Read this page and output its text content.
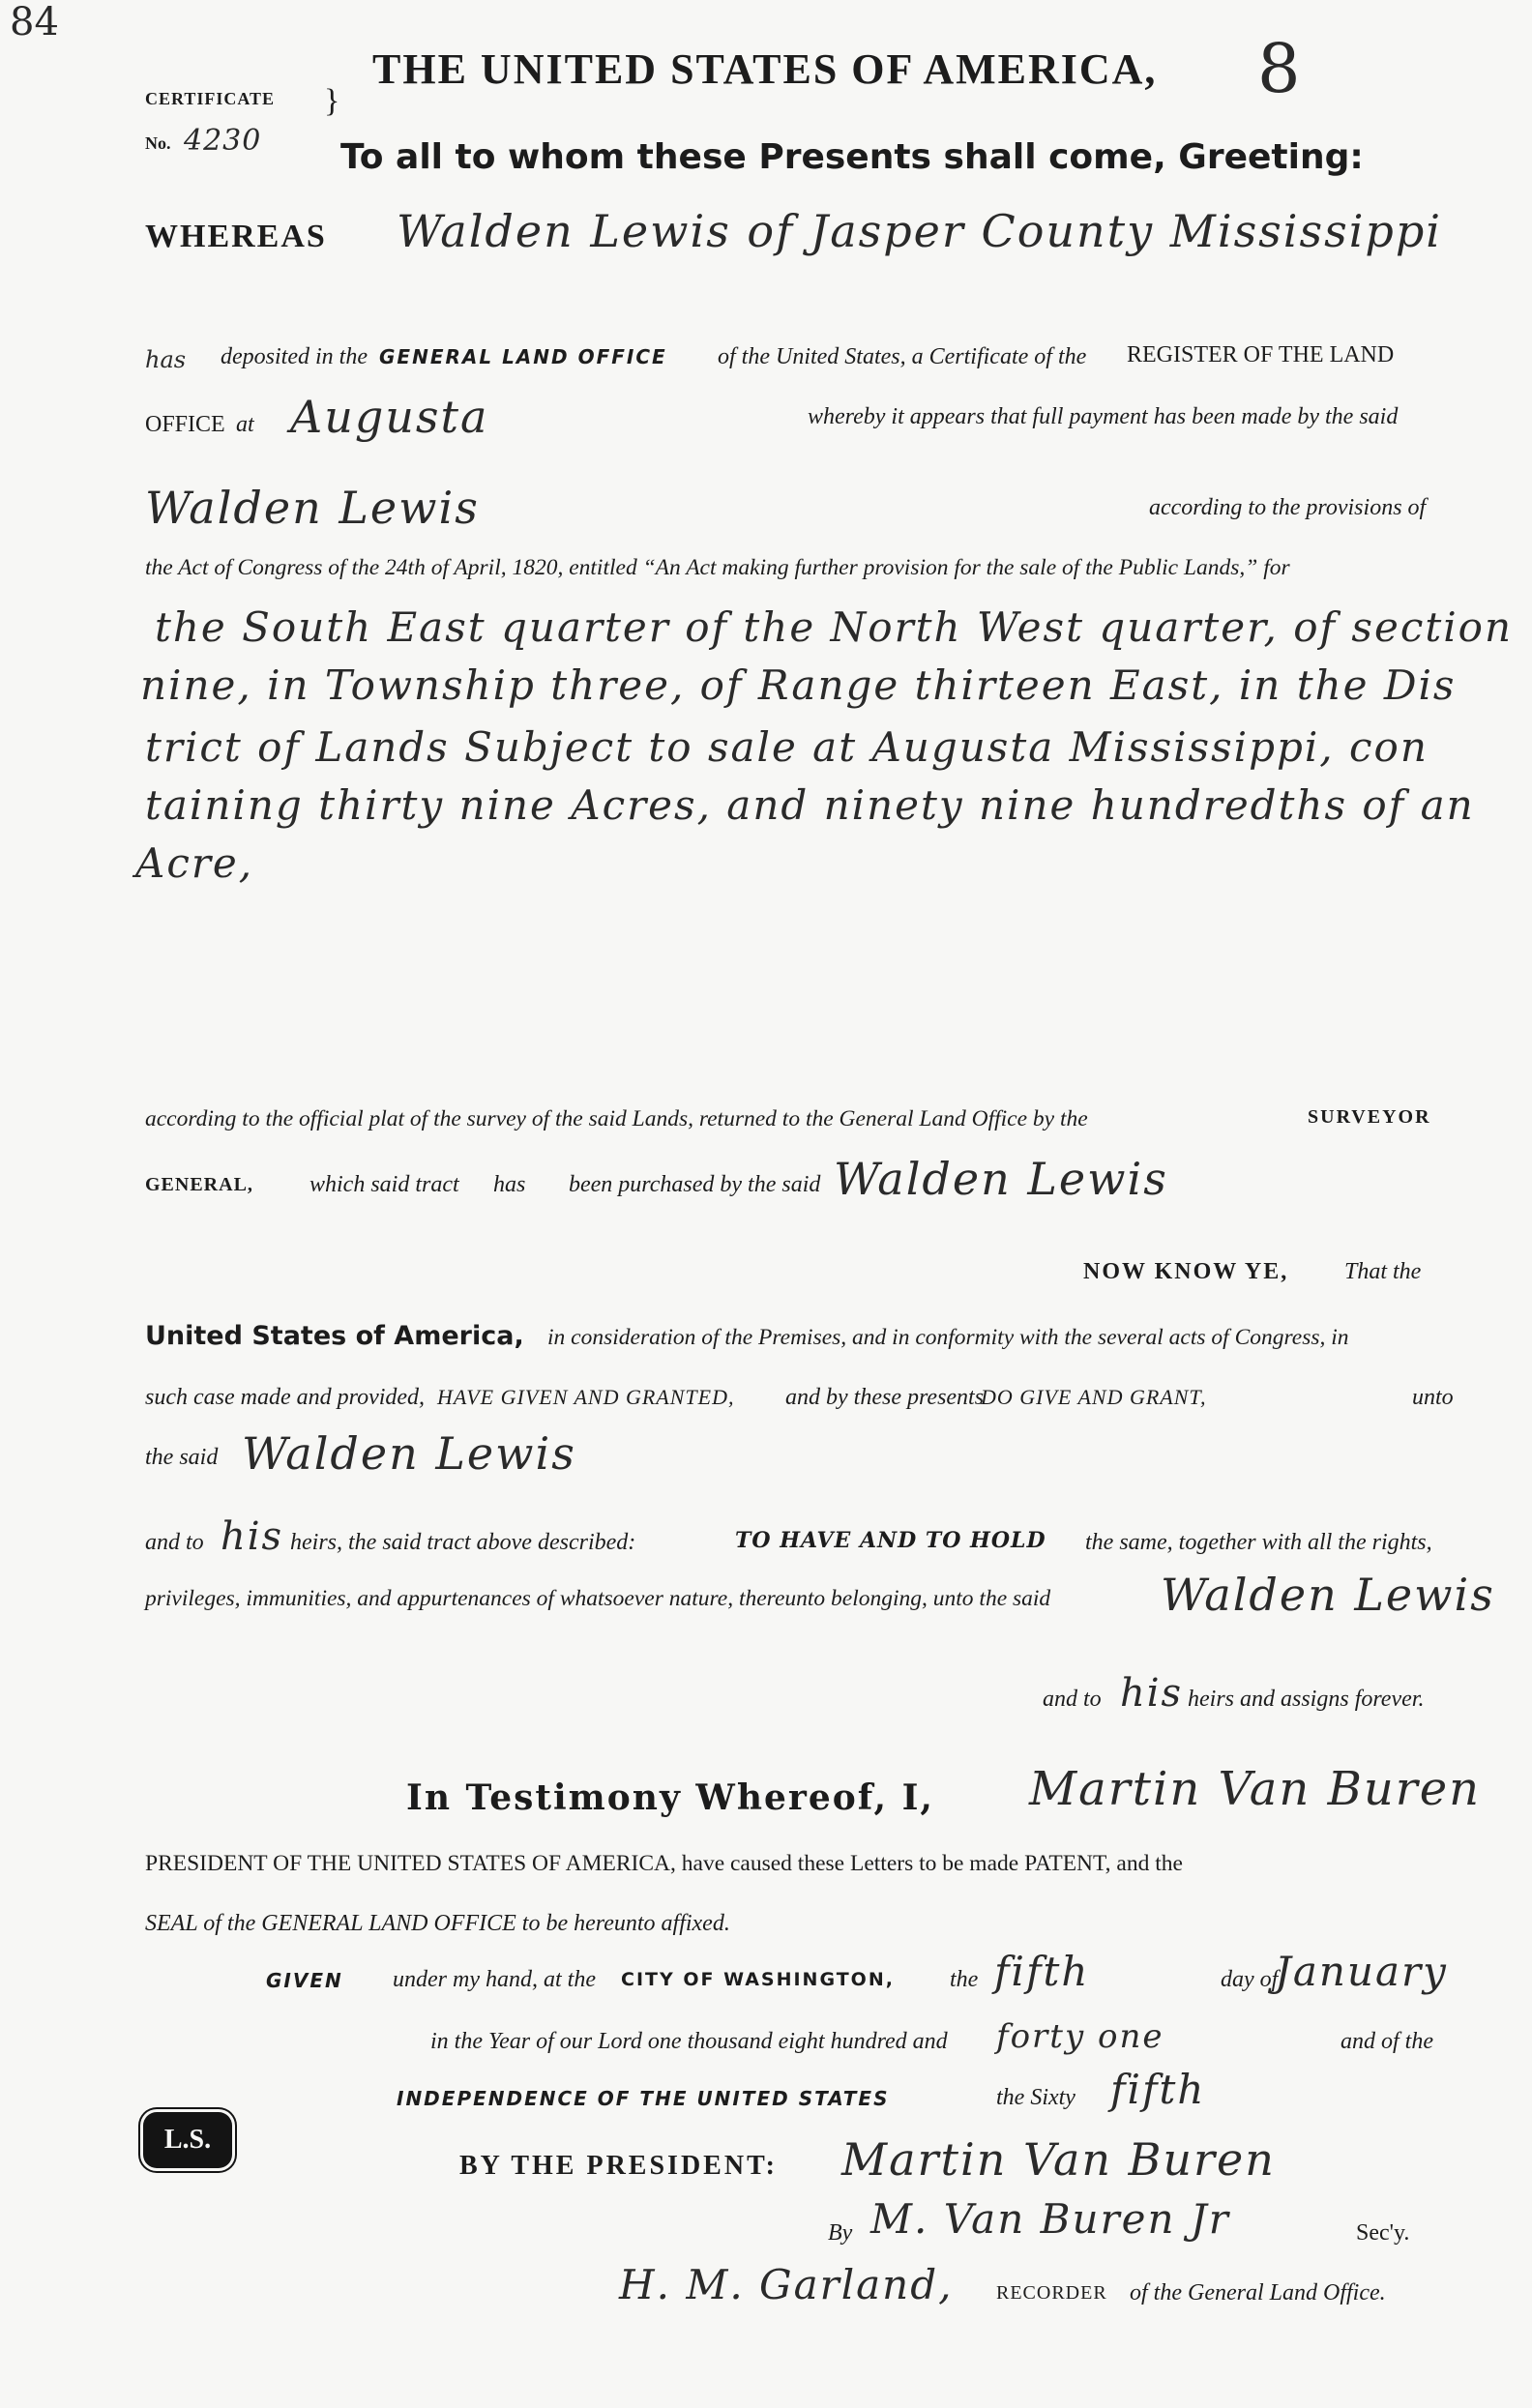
84
CERTIFICATE }
No. 4230
THE UNITED STATES OF AMERICA, 8
To all to whom these Presents shall come, Greeting:
WHEREAS Walden Lewis of Jasper County Mississippi
has deposited in the GENERAL LAND OFFICE of the United States, a Certificate of the REGISTER OF THE LAND
OFFICE at Augusta	whereby it appears that full payment has been made by the said
Walden Lewis	according to the provisions of
the Act of Congress of the 24th of April, 1820, entitled “An Act making further provision for the sale of the Public Lands,” for
the South East quarter of the North West quarter, of section
nine, in Township three, of Range thirteen East, in the Dis
trict of Lands Subject to sale at Augusta Mississippi, con
taining thirty nine Acres, and ninety nine hundredths of an
Acre,
according to the official plat of the survey of the said Lands, returned to the General Land Office by the	SURVEYOR
GENERAL, which said tract has been purchased by the said Walden Lewis
NOW KNOW YE, That the
United States of America, in consideration of the Premises, and in conformity with the several acts of Congress, in
such case made and provided, HAVE GIVEN AND GRANTED, and by these presents
DO GIVE AND GRANT,	unto
the said Walden Lewis
and to his heirs, the said tract above described:	TO HAVE AND TO HOLD the same, together with all the rights,
privileges, immunities, and appurtenances of whatsoever nature, thereunto belonging, unto the said Walden Lewis
and to his heirs and assigns forever.
In Testimony Whereof, I, Martin Van Buren
PRESIDENT OF THE UNITED STATES OF AMERICA, have caused these Letters to be made PATENT, and the
SEAL of the GENERAL LAND OFFICE to be hereunto affixed.
GIVEN under my hand, at the CITY OF WASHINGTON, the fifth	day of
January
in the Year of our Lord one thousand eight hundred and forty one	and of the
INDEPENDENCE OF THE UNITED STATES	the Sixty fifth
L.S.
BY THE PRESIDENT: Martin Van Buren
By M. Van Buren Jr	Sec'y.
H. M. Garland, RECORDER of the General Land Office.
